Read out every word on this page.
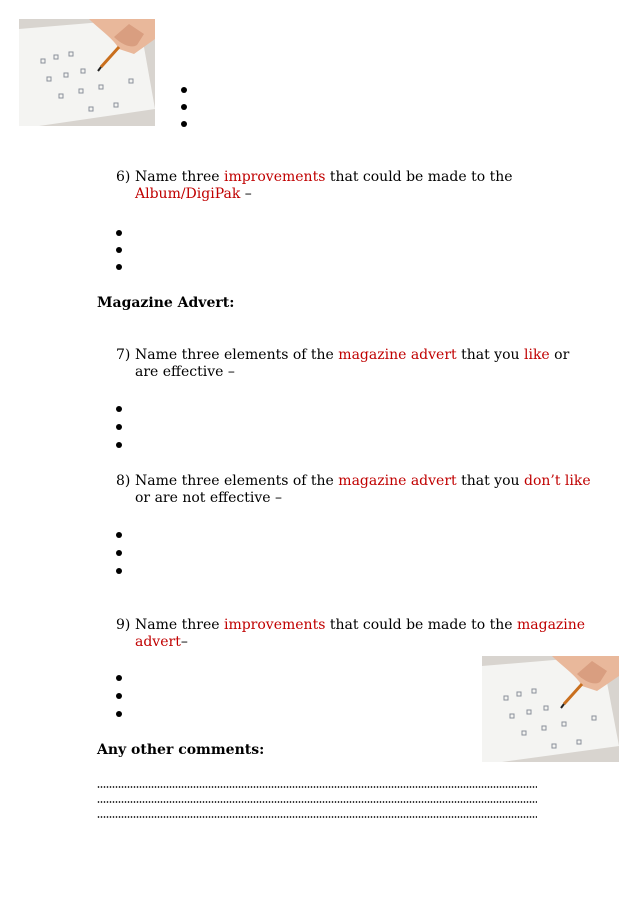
6) Name three improvements that could be made to the
Album/DigiPak –
Magazine Advert:
7) Name three elements of the magazine advert that you like or
are effective –
8) Name three elements of the magazine advert that you don’t like
or are not effective –
9) Name three improvements that could be made to the magazine
advert–
Any other comments:
